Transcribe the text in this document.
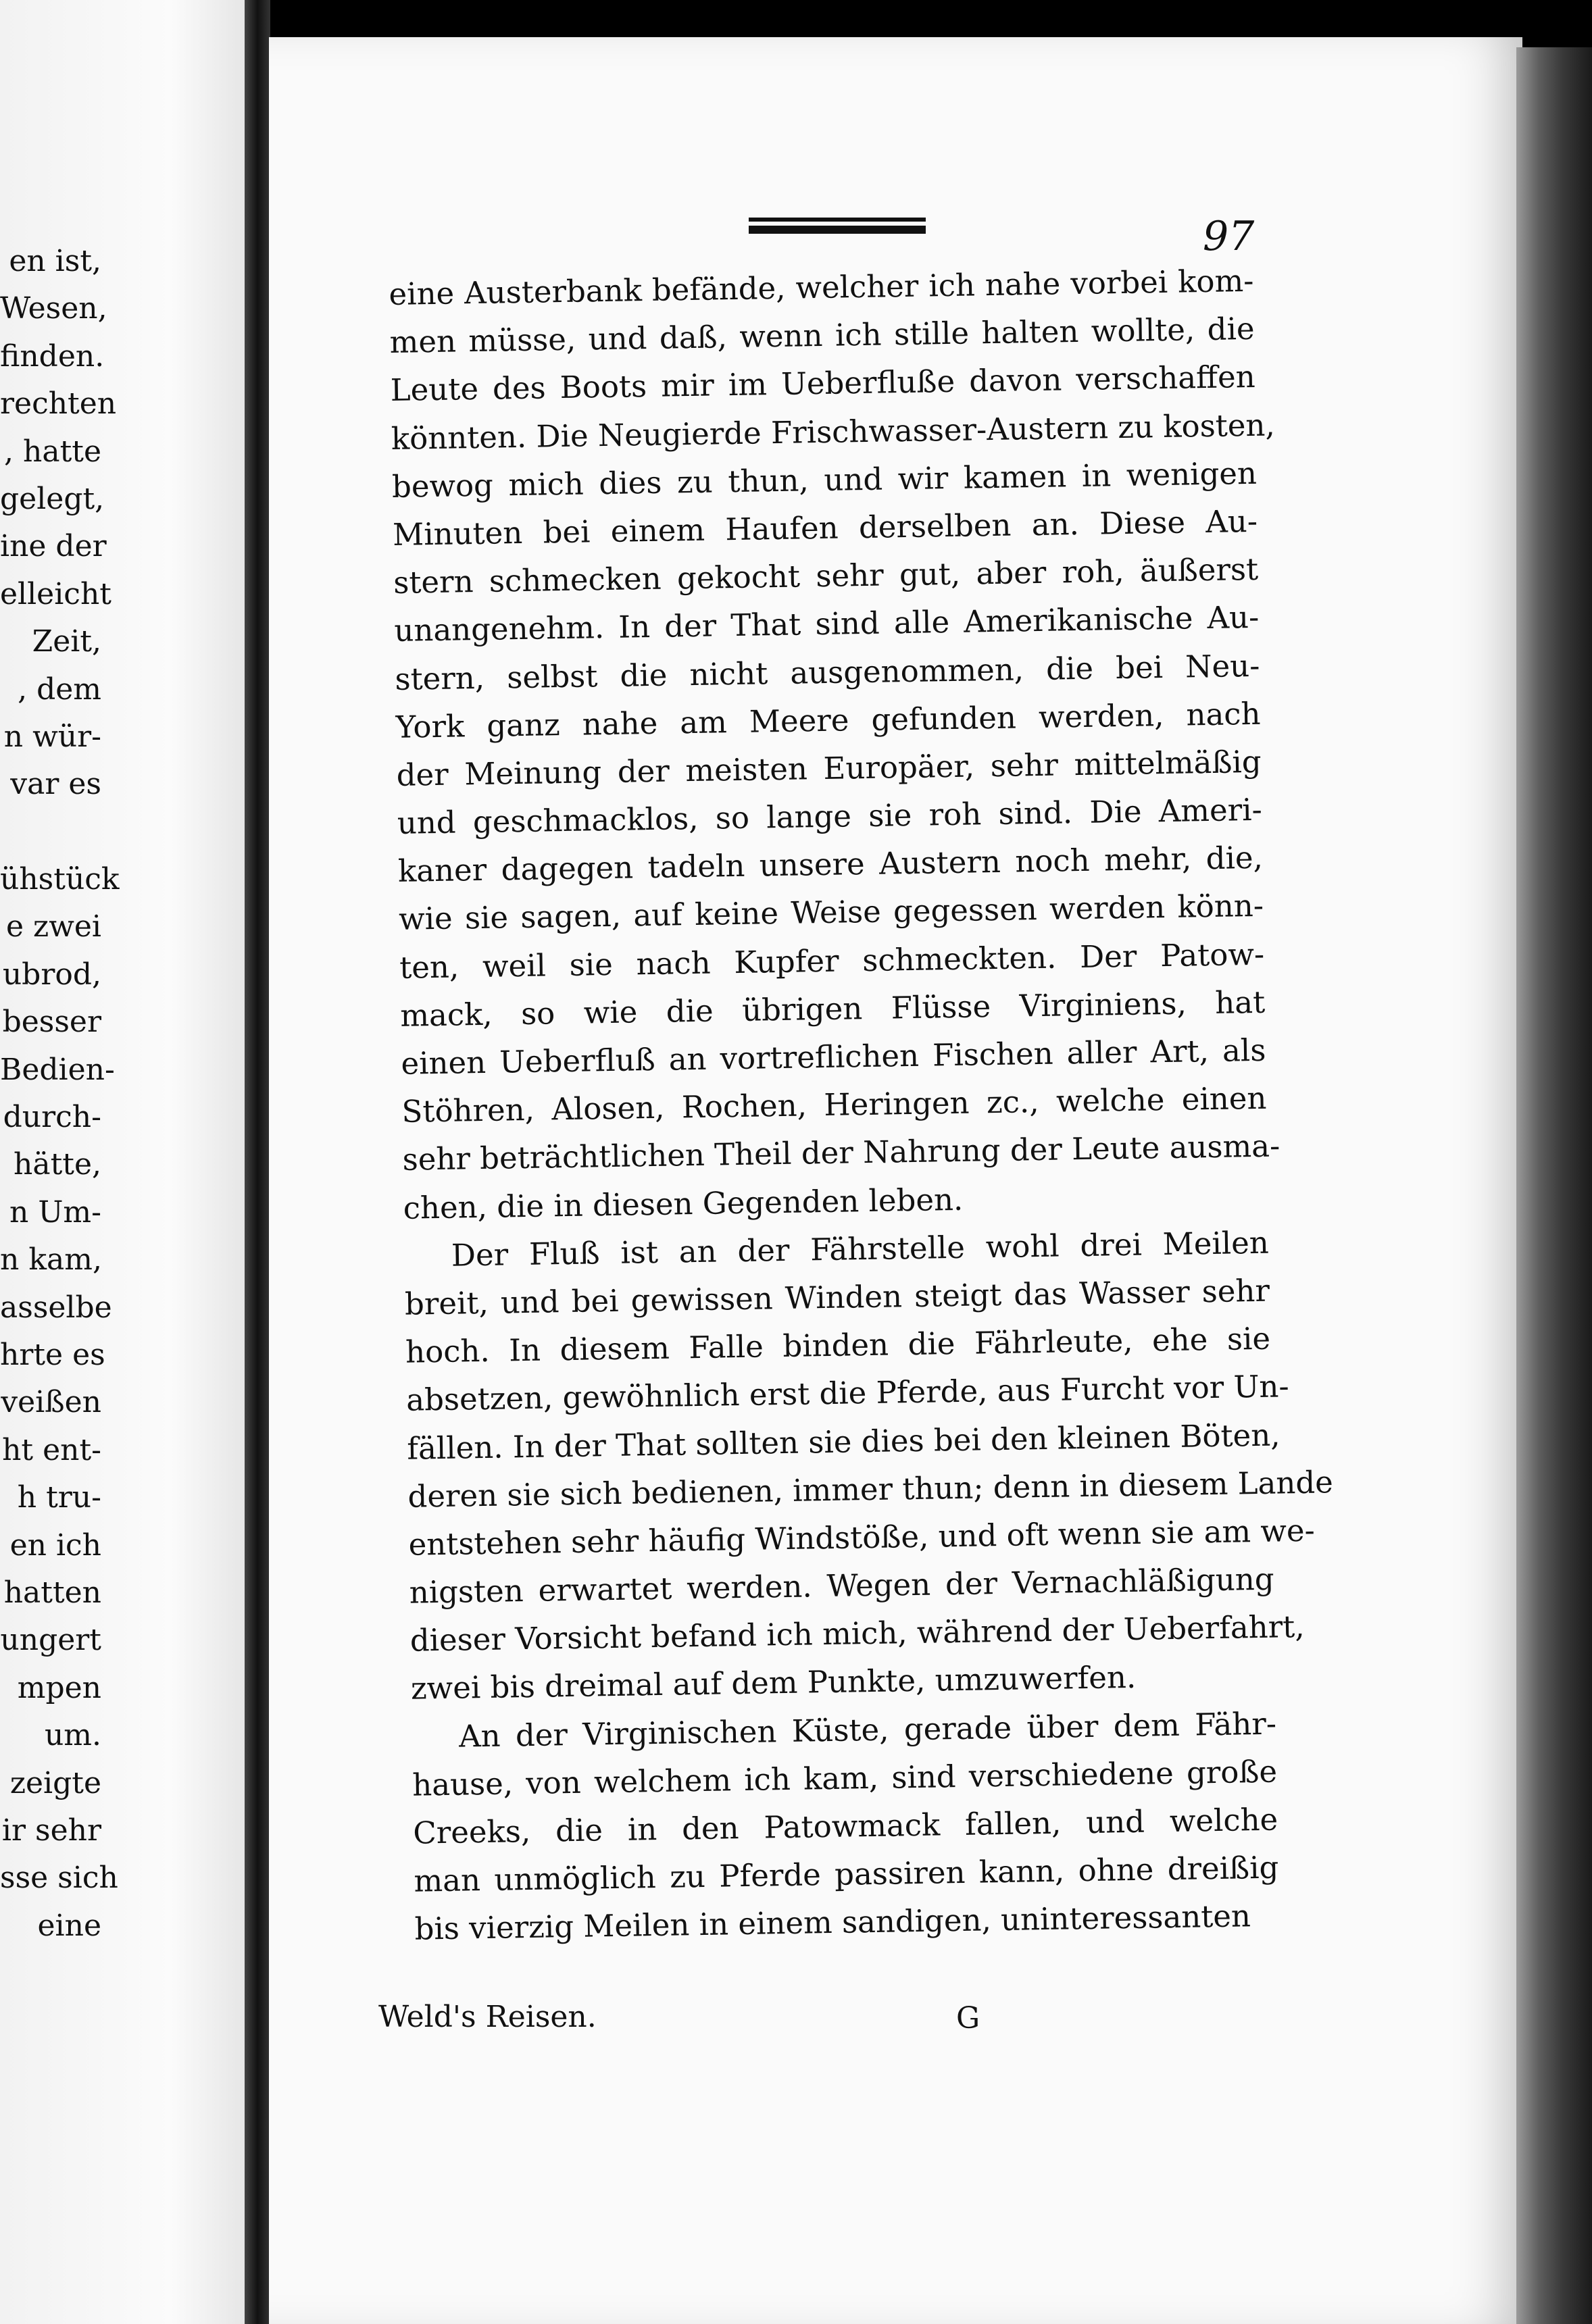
en ist,
Wesen,
finden.
rechten
, hatte
gelegt,
ine der
elleicht
Zeit,
, dem
n wür-
var es
ühstück
e zwei
ubrod,
besser
Bedien-
durch-
hätte,
n Um-
n kam,
asselbe
hrte es
veißen
ht ent-
h tru-
en ich
hatten
ungert
mpen
um.
zeigte
ir sehr
sse sich
eine
97
eine Austerbank befände, welcher ich nahe vorbei kom-
men müsse, und daß, wenn ich stille halten wollte, die
Leute des Boots mir im Ueberfluße davon verschaffen
könnten. Die Neugierde Frischwasser-Austern zu kosten,
bewog mich dies zu thun, und wir kamen in wenigen
Minuten bei einem Haufen derselben an. Diese Au-
stern schmecken gekocht sehr gut, aber roh, äußerst
unangenehm. In der That sind alle Amerikanische Au-
stern, selbst die nicht ausgenommen, die bei Neu-
York ganz nahe am Meere gefunden werden, nach
der Meinung der meisten Europäer, sehr mittelmäßig
und geschmacklos, so lange sie roh sind. Die Ameri-
kaner dagegen tadeln unsere Austern noch mehr, die,
wie sie sagen, auf keine Weise gegessen werden könn-
ten, weil sie nach Kupfer schmeckten. Der Patow-
mack, so wie die übrigen Flüsse Virginiens, hat
einen Ueberfluß an vortreflichen Fischen aller Art, als
Stöhren, Alosen, Rochen, Heringen zc., welche einen
sehr beträchtlichen Theil der Nahrung der Leute ausma-
chen, die in diesen Gegenden leben.
Der Fluß ist an der Fährstelle wohl drei Meilen
breit, und bei gewissen Winden steigt das Wasser sehr
hoch. In diesem Falle binden die Fährleute, ehe sie
absetzen, gewöhnlich erst die Pferde, aus Furcht vor Un-
fällen. In der That sollten sie dies bei den kleinen Böten,
deren sie sich bedienen, immer thun; denn in diesem Lande
entstehen sehr häufig Windstöße, und oft wenn sie am we-
nigsten erwartet werden. Wegen der Vernachläßigung
dieser Vorsicht befand ich mich, während der Ueberfahrt,
zwei bis dreimal auf dem Punkte, umzuwerfen.
An der Virginischen Küste, gerade über dem Fähr-
hause, von welchem ich kam, sind verschiedene große
Creeks, die in den Patowmack fallen, und welche
man unmöglich zu Pferde passiren kann, ohne dreißig
bis vierzig Meilen in einem sandigen, uninteressanten
Weld's Reisen.	G
